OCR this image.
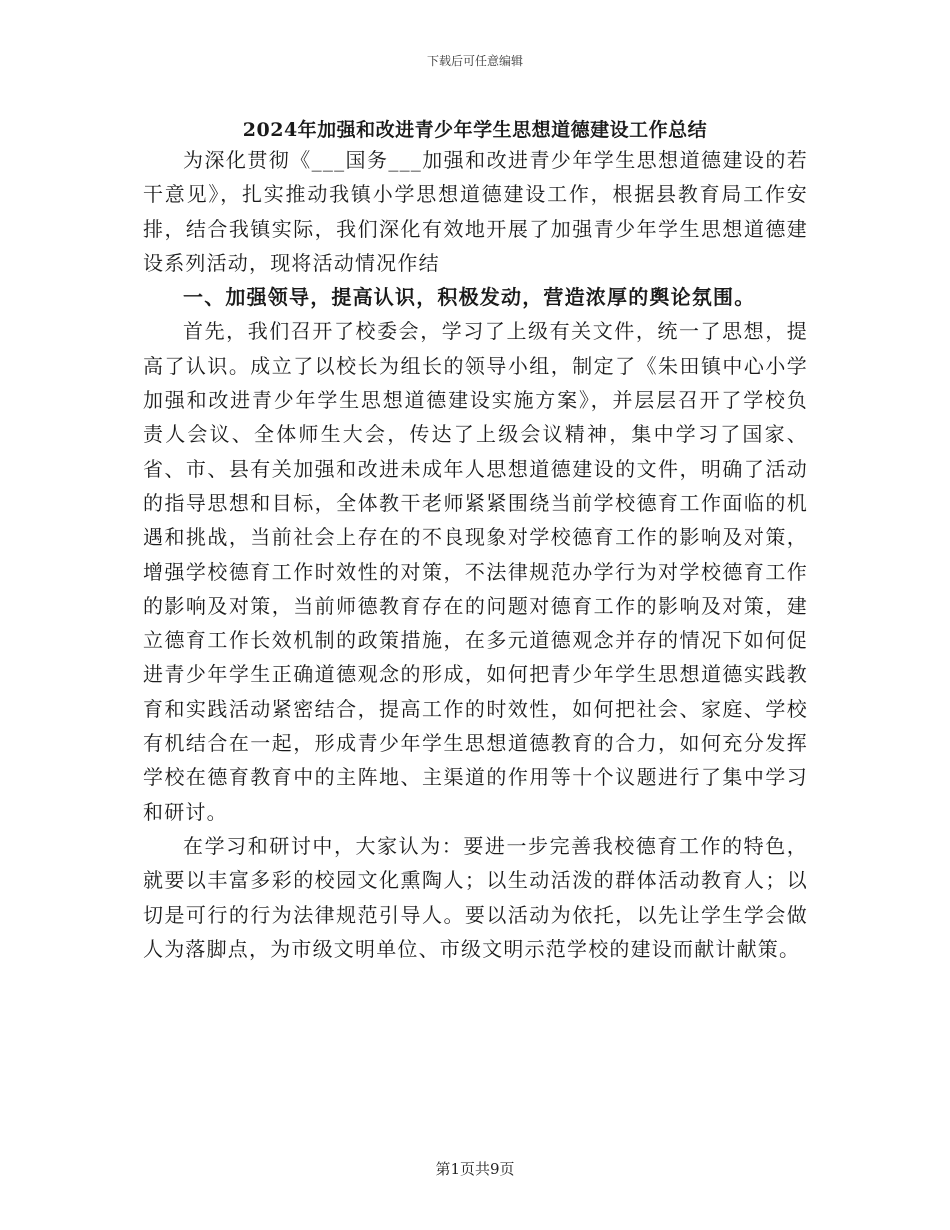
下载后可任意编辑
2024年加强和改进青少年学生思想道德建设工作总结

为深化贯彻《___国务___加强和改进青少年学生思想道德建设的若干意见》，扎实推动我镇小学思想道德建设工作，根据县教育局工作安排，结合我镇实际，我们深化有效地开展了加强青少年学生思想道德建设系列活动，现将活动情况作结

一、加强领导，提高认识，积极发动，营造浓厚的舆论氛围。

首先，我们召开了校委会，学习了上级有关文件，统一了思想，提高了认识。成立了以校长为组长的领导小组，制定了《朱田镇中心小学加强和改进青少年学生思想道德建设实施方案》，并层层召开了学校负责人会议、全体师生大会，传达了上级会议精神，集中学习了国家、省、市、县有关加强和改进未成年人思想道德建设的文件，明确了活动的指导思想和目标，全体教干老师紧紧围绕当前学校德育工作面临的机遇和挑战，当前社会上存在的不良现象对学校德育工作的影响及对策，增强学校德育工作时效性的对策，不法律规范办学行为对学校德育工作的影响及对策，当前师德教育存在的问题对德育工作的影响及对策，建立德育工作长效机制的政策措施，在多元道德观念并存的情况下如何促进青少年学生正确道德观念的形成，如何把青少年学生思想道德实践教育和实践活动紧密结合，提高工作的时效性，如何把社会、家庭、学校有机结合在一起，形成青少年学生思想道德教育的合力，如何充分发挥学校在德育教育中的主阵地、主渠道的作用等十个议题进行了集中学习和研讨。

在学习和研讨中，大家认为：要进一步完善我校德育工作的特色，就要以丰富多彩的校园文化熏陶人；以生动活泼的群体活动教育人；以切是可行的行为法律规范引导人。要以活动为依托，以先让学生学会做人为落脚点，为市级文明单位、市级文明示范学校的建设而献计献策。

第1页共9页
